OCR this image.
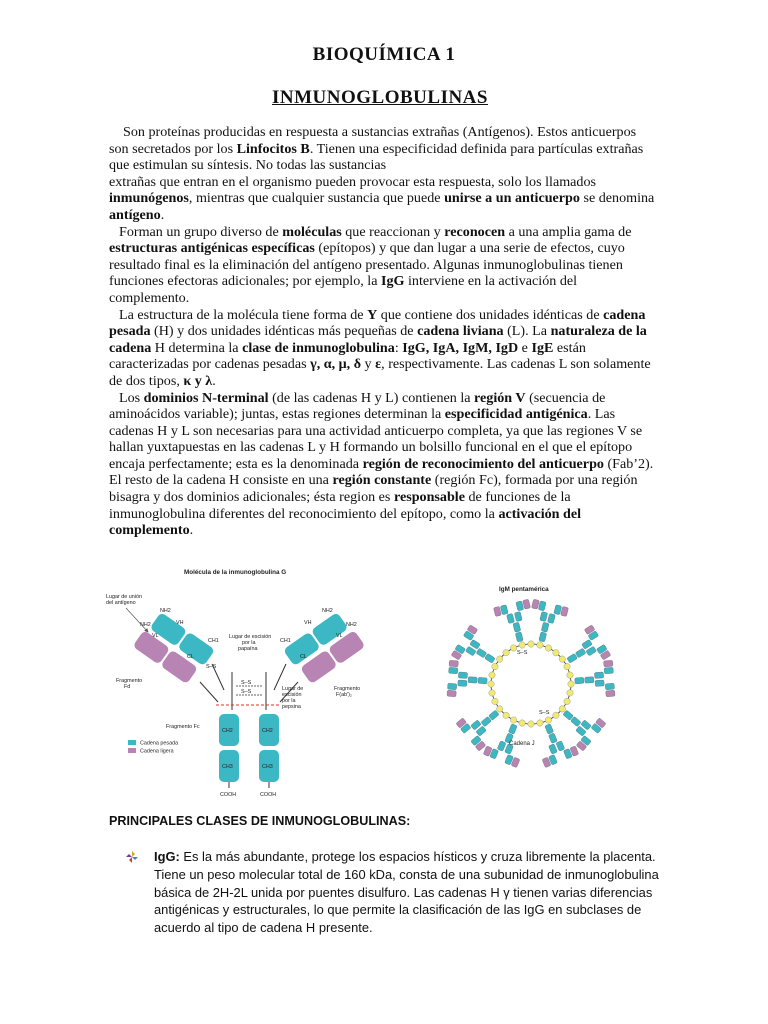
BIOQUÍMICA 1
INMUNOGLOBULINAS

Son proteínas producidas en respuesta a sustancias extrañas (Antígenos). Estos anticuerpos son secretados por los Linfocitos B. Tienen una especificidad definida para partículas extrañas que estimulan su síntesis. No todas las sustancias
extrañas que entran en el organismo pueden provocar esta respuesta, solo los llamados inmunógenos, mientras que cualquier sustancia que puede unirse a un anticuerpo se denomina antígeno.

Forman un grupo diverso de moléculas que reaccionan y reconocen a una amplia gama de estructuras antigénicas específicas (epítopos) y que dan lugar a una serie de efectos, cuyo resultado final es la eliminación del antígeno presentado. Algunas inmunoglobulinas tienen funciones efectoras adicionales; por ejemplo, la IgG interviene en la activación del complemento.

La estructura de la molécula tiene forma de Y que contiene dos unidades idénticas de cadena pesada (H) y dos unidades idénticas más pequeñas de cadena liviana (L). La naturaleza de la cadena H determina la clase de inmunoglobulina: IgG, IgA, IgM, IgD e IgE están caracterizadas por cadenas pesadas γ, α, μ, δ y ε, respectivamente. Las cadenas L son solamente de dos tipos, κ y λ.

Los dominios N-terminal (de las cadenas H y L) contienen la región V (secuencia de aminoácidos variable); juntas, estas regiones determinan la especificidad antigénica. Las cadenas H y L son necesarias para una actividad anticuerpo completa, ya que las regiones V se hallan yuxtapuestas en las cadenas L y H formando un bolsillo funcional en el que el epítopo encaja perfectamente; esta es la denominada región de reconocimiento del anticuerpo (Fab’2). El resto de la cadena H consiste en una región constante (región Fc), formada por una región bisagra y dos dominios adicionales; ésta region es responsable de funciones de la inmunoglobulina diferentes del reconocimiento del epítopo, como la activación del complemento.

Molécula de la inmunoglobulina G
VL
VH
CL
CH1
VL
VH
CL
CH1
CH2	CH2
CH3	CH3
NH2
NH2
NH2
NH2
COOH	COOH
S–S
S–S
S–S
Lugar de unión del antígeno
Lugar de escisión por la papaína
Lugar de escisión por la pepsina
Fragmento Fd	Fragmento F(ab')₂
Fragmento Fc
Cadena pesada
Cadena ligera
IgM pentamérica
Cadena J
S–S
S–S
PRINCIPALES CLASES DE INMUNOGLOBULINAS:
IgG: Es la más abundante, protege los espacios hísticos y cruza libremente la placenta. Tiene un peso molecular total de 160 kDa, consta de una subunidad de inmunoglobulina básica de 2H-2L unida por puentes disulfuro. Las cadenas H γ tienen varias diferencias antigénicas y estructurales, lo que permite la clasificación de las IgG en subclases de acuerdo al tipo de cadena H presente.
